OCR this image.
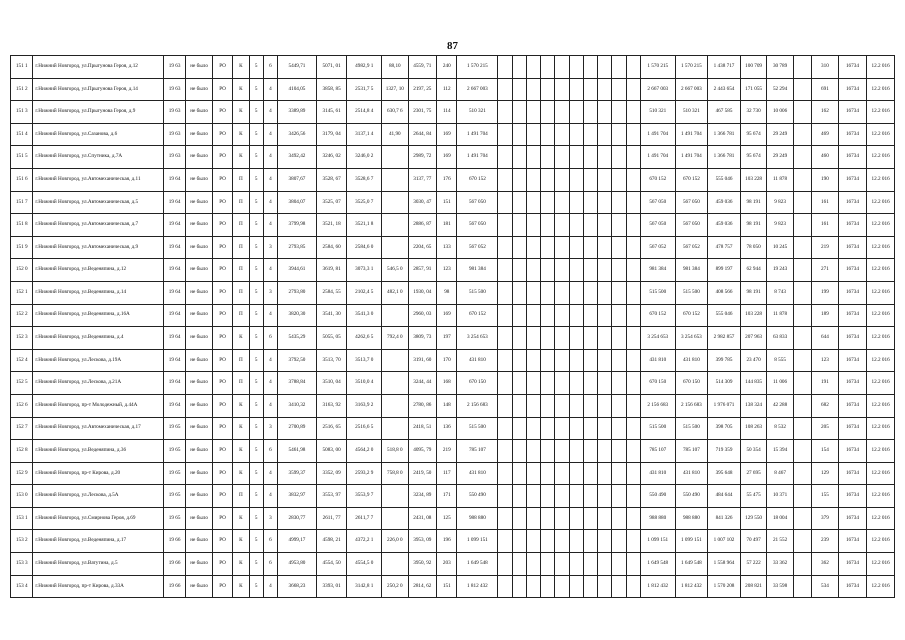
87
151 1	г.Нижний Новгород, ул.Прыгунова Героя, д.12	19 63	не было	РО	К	5	6	5449,71	5071, 01	4982,9 1	88,10	4559, 71	240	1 570 215											1 570 215	1 570 215	1 438 717	100 709	30 789		310	16734	12.2 016
151 2	г.Нижний Новгород, ул.Прыгунова Героя, д.14	19 63	не было	РО	К	5	4	4104,05	3858, 85	2531,7 5	1327, 10	2197, 25	112	2 667 003											2 667 003	2 667 003	2 443 654	171 055	52 294		691	16734	12.2 016
151 3	г.Нижний Новгород, ул.Прыгунова Героя, д.9	19 63	не было	РО	К	5	4	3389,89	3145, 61	2514,8 4	630,7 6	2301, 75	114	510 321											510 321	510 321	467 585	32 730	10 006		162	16734	12.2 016
151 4	г.Нижний Новгород, ул.Сазанова, д.6	19 63	не было	РО	К	5	4	3426,56	3179, 04	3137,1 4	41,90	2644, 84	169	1 491 704											1 491 704	1 491 704	1 366 781	95 674	29 249		469	16734	12.2 016
151 5	г.Нижний Новгород, ул.Спутника, д.7А	19 63	не было	РО	К	5	4	3492,42	3246, 02	3246,0 2		2989, 72	169	1 491 704											1 491 704	1 491 704	1 366 781	95 674	29 249		460	16734	12.2 016
151 6	г.Нижний Новгород, ул.Автомеханическая, д.11	19 64	не было	РО	П	5	4	3807,67	3528, 67	3528,6 7		3137, 77	176	670 152											670 152	670 152	555 046	103 228	11 878		190	16734	12.2 016
151 7	г.Нижний Новгород, ул.Автомеханическая, д.5	19 64	не было	РО	П	5	4	3804,07	3525, 07	3525,0 7		3030, 47	151	567 050											567 050	567 050	459 036	98 191	9 823		161	16734	12.2 016
151 8	г.Нижний Новгород, ул.Автомеханическая, д.7	19 64	не было	РО	П	5	4	3799,98	3521, 18	3521,1 8		2886, 87	181	567 050											567 050	567 050	459 036	98 191	9 823		161	16734	12.2 016
151 9	г.Нижний Новгород, ул.Автомеханическая, д.9	19 64	не было	РО	П	5	3	2793,85	2584, 60	2584,6 0		2204, 65	133	567 052											567 052	567 052	478 757	78 050	10 245		219	16734	12.2 016
152 0	г.Нижний Новгород, ул.Веденяпина, д.12	19 64	не было	РО	П	5	4	3944,61	3619, 81	3073,3 1	546,5 0	2857, 91	123	981 384											981 384	981 384	899 197	62 944	19 243		271	16734	12.2 016
152 1	г.Нижний Новгород, ул.Веденяпина, д.14	19 64	не было	РО	П	5	3	2793,80	2584, 55	2102,4 5	482,1 0	1930, 04	98	515 500											515 500	515 500	408 566	98 191	8 743		199	16734	12.2 016
152 2	г.Нижний Новгород, ул.Веденяпина, д.16А	19 64	не было	РО	П	5	4	3820,30	3541, 30	3541,3 0		2960, 03	169	670 152											670 152	670 152	555 046	103 228	11 878		189	16734	12.2 016
152 3	г.Нижний Новгород, ул.Веденяпина, д.4	19 64	не было	РО	К	5	6	5435,29	5055, 05	4262,6 5	792,4 0	3809, 73	197	3 254 653											3 254 653	3 254 653	2 982 857	207 963	63 833		644	16734	12.2 016
152 4	г.Нижний Новгород, ул.Лескова, д.19А	19 64	не было	РО	П	5	4	3792,50	3513, 70	3513,7 0		3191, 60	170	431 810											431 810	431 810	399 785	23 470	8 555		123	16734	12.2 016
152 5	г.Нижний Новгород, ул.Лескова, д.21А	19 64	не было	РО	П	5	4	3788,84	3510, 04	3510,0 4		3244, 44	168	670 150											670 150	670 150	514 309	144 835	11 006		191	16734	12.2 016
152 6	г.Нижний Новгород, пр-т Молодежный, д.44А	19 64	не было	РО	К	5	4	3410,32	3163, 92	3163,9 2		2780, 86	148	2 156 683											2 156 683	2 156 683	1 976 071	138 324	42 288		682	16734	12.2 016
152 7	г.Нижний Новгород, ул.Автомеханическая, д.17	19 65	не было	РО	К	5	3	2700,89	2516, 65	2516,6 5		2418, 51	136	515 500											515 500	515 500	398 705	108 263	8 532		205	16734	12.2 016
152 8	г.Нижний Новгород, ул.Веденяпина, д.36	19 65	не было	РО	К	5	6	5461,98	5083, 00	4564,2 0	518,8 0	4095, 79	219	785 107											785 107	785 107	719 359	50 354	15 394		154	16734	12.2 016
152 9	г.Нижний Новгород, пр-т Кирова, д.20	19 65	не было	РО	К	5	4	3599,37	3352, 09	2593,2 9	758,8 0	2419, 50	117	431 810											431 810	431 810	395 648	27 695	8 467		129	16734	12.2 016
153 0	г.Нижний Новгород, ул.Лескова, д.5А	19 65	не было	РО	П	5	4	3832,97	3553, 97	3553,9 7		3234, 89	171	550 490											550 490	550 490	484 644	55 475	10 371		155	16734	12.2 016
153 1	г.Нижний Новгород, ул.Смирнова Героя, д.69	19 65	не было	РО	К	5	3	2830,77	2611, 77	2611,7 7		2431, 08	125	988 880											988 880	988 880	841 326	129 550	18 004		379	16734	12.2 016
153 2	г.Нижний Новгород, ул.Веденяпина, д.17	19 66	не было	РО	К	5	6	4999,17	4598, 21	4372,2 1	226,0 0	3953, 09	196	1 099 151											1 099 151	1 099 151	1 007 102	70 497	21 552		239	16734	12.2 016
153 3	г.Нижний Новгород, ул.Ватутина, д.5	19 66	не было	РО	К	5	6	4953,80	4554, 50	4554,5 0		3950, 92	203	1 649 548											1 649 548	1 649 548	1 558 964	57 222	33 362		362	16734	12.2 016
153 4	г.Нижний Новгород, пр-т Кирова, д.33А	19 66	не было	РО	К	5	4	3668,23	3393, 01	3142,8 1	250,2 0	2814, 62	151	1 812 432											1 812 432	1 812 432	1 570 208	208 821	33 598		534	16734	12.2 016
